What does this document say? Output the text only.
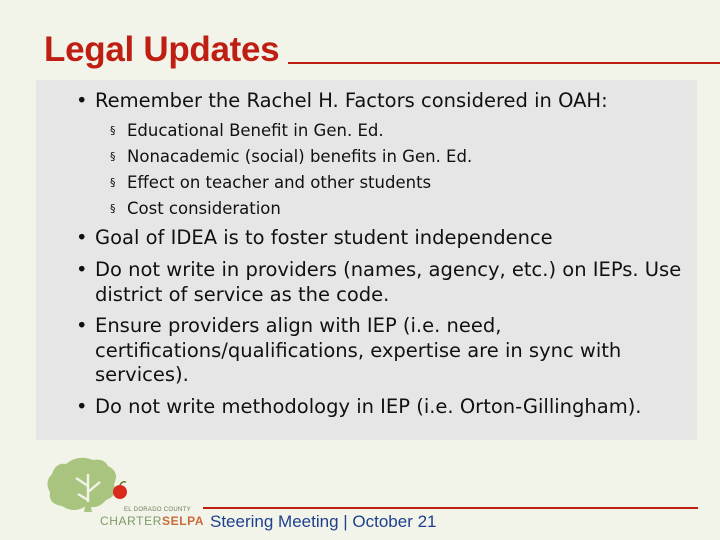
Legal Updates
• Remember the Rachel H. Factors considered in OAH:
• Goal of IDEA is to foster student independence
• Do not write in providers (names, agency, etc.) on IEPs. Use district of service as the code.
• Ensure providers align with IEP (i.e. need, certifications/qualifications, expertise are in sync with services).
• Do not write methodology in IEP (i.e. Orton-Gillingham).
§ Educational Benefit in Gen. Ed.
§ Nonacademic (social) benefits in Gen. Ed.
§ Effect on teacher and other students
§ Cost consideration
EL DORADO COUNTY
CHARTERSELPA Steering Meeting | October 21
